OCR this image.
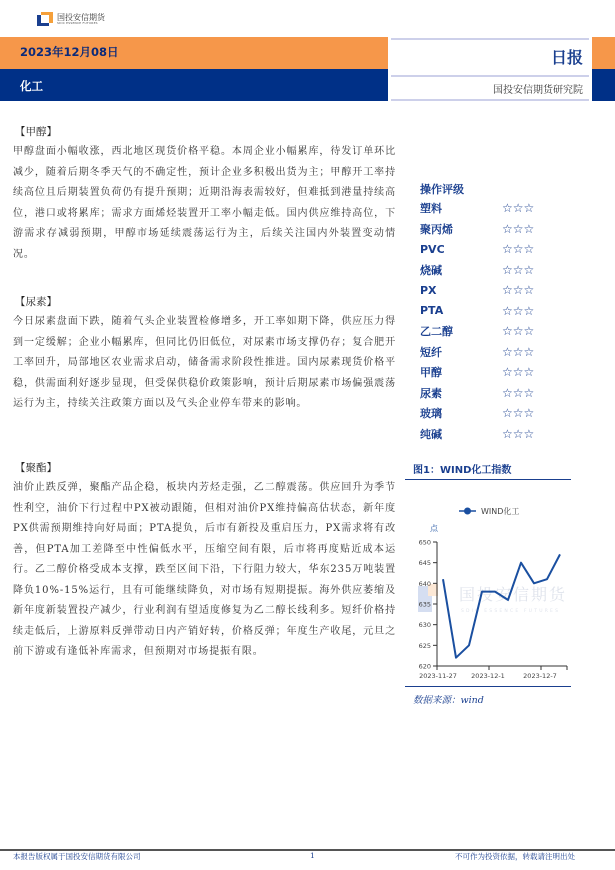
国投安信期货
SDIC ESSENCE FUTURES
2023年12月08日
化工
日报
国投安信期货研究院
【甲醇】
甲醇盘面小幅收涨，西北地区现货价格平稳。本周企业小幅累库，待发订单环比减少，随着后期冬季天气的不确定性，预计企业多积极出货为主；甲醇开工率持续高位且后期装置负荷仍有提升预期；近期沿海表需较好，但难抵到港量持续高位，港口或将累库；需求方面烯烃装置开工率小幅走低。国内供应维持高位，下游需求存减弱预期，甲醇市场延续震荡运行为主，后续关注国内外装置变动情况。
【尿素】
今日尿素盘面下跌，随着气头企业装置检修增多，开工率如期下降，供应压力得到一定缓解；企业小幅累库，但同比仍旧低位，对尿素市场支撑仍存；复合肥开工率回升，局部地区农业需求启动，储备需求阶段性推进。国内尿素现货价格平稳，供需面利好逐步显现，但受保供稳价政策影响，预计后期尿素市场偏强震荡运行为主，持续关注政策方面以及气头企业停车带来的影响。
【聚酯】
油价止跌反弹，聚酯产品企稳，板块内芳烃走强，乙二醇震荡。供应回升为季节性利空，油价下行过程中PX被动跟随，但相对油价PX维持偏高估状态，新年度PX供需预期维持向好局面；PTA提负，后市有新投及重启压力，PX需求将有改善，但PTA加工差降至中性偏低水平，压缩空间有限，后市将再度贴近成本运行。乙二醇价格受成本支撑，跌至区间下沿，下行阻力较大，华东235万吨装置降负10%-15%运行，且有可能继续降负，对市场有短期提振。海外供应萎缩及新年度新装置投产减少，行业利润有望适度修复为乙二醇长线利多。短纤价格持续走低后，上游原料反弹带动日内产销好转，价格反弹；年度生产收尾，元旦之前下游或有逢低补库需求，但预期对市场提振有限。
操作评级
塑料	☆☆☆
聚丙烯	☆☆☆
PVC	☆☆☆
烧碱	☆☆☆
PX	☆☆☆
PTA	☆☆☆
乙二醇	☆☆☆
短纤	☆☆☆
甲醇	☆☆☆
尿素	☆☆☆
玻璃	☆☆☆
纯碱	☆☆☆
图1：WIND化工指数
国投安信期货
SDIC ESSENCE FUTURES
WIND化工
点
620
625
630
635
640
645
650
2023-11-27 2023-12-1	2023-12-7
数据来源：wind
本报告版权属于国投安信期货有限公司	1	不可作为投资依据，转载请注明出处
